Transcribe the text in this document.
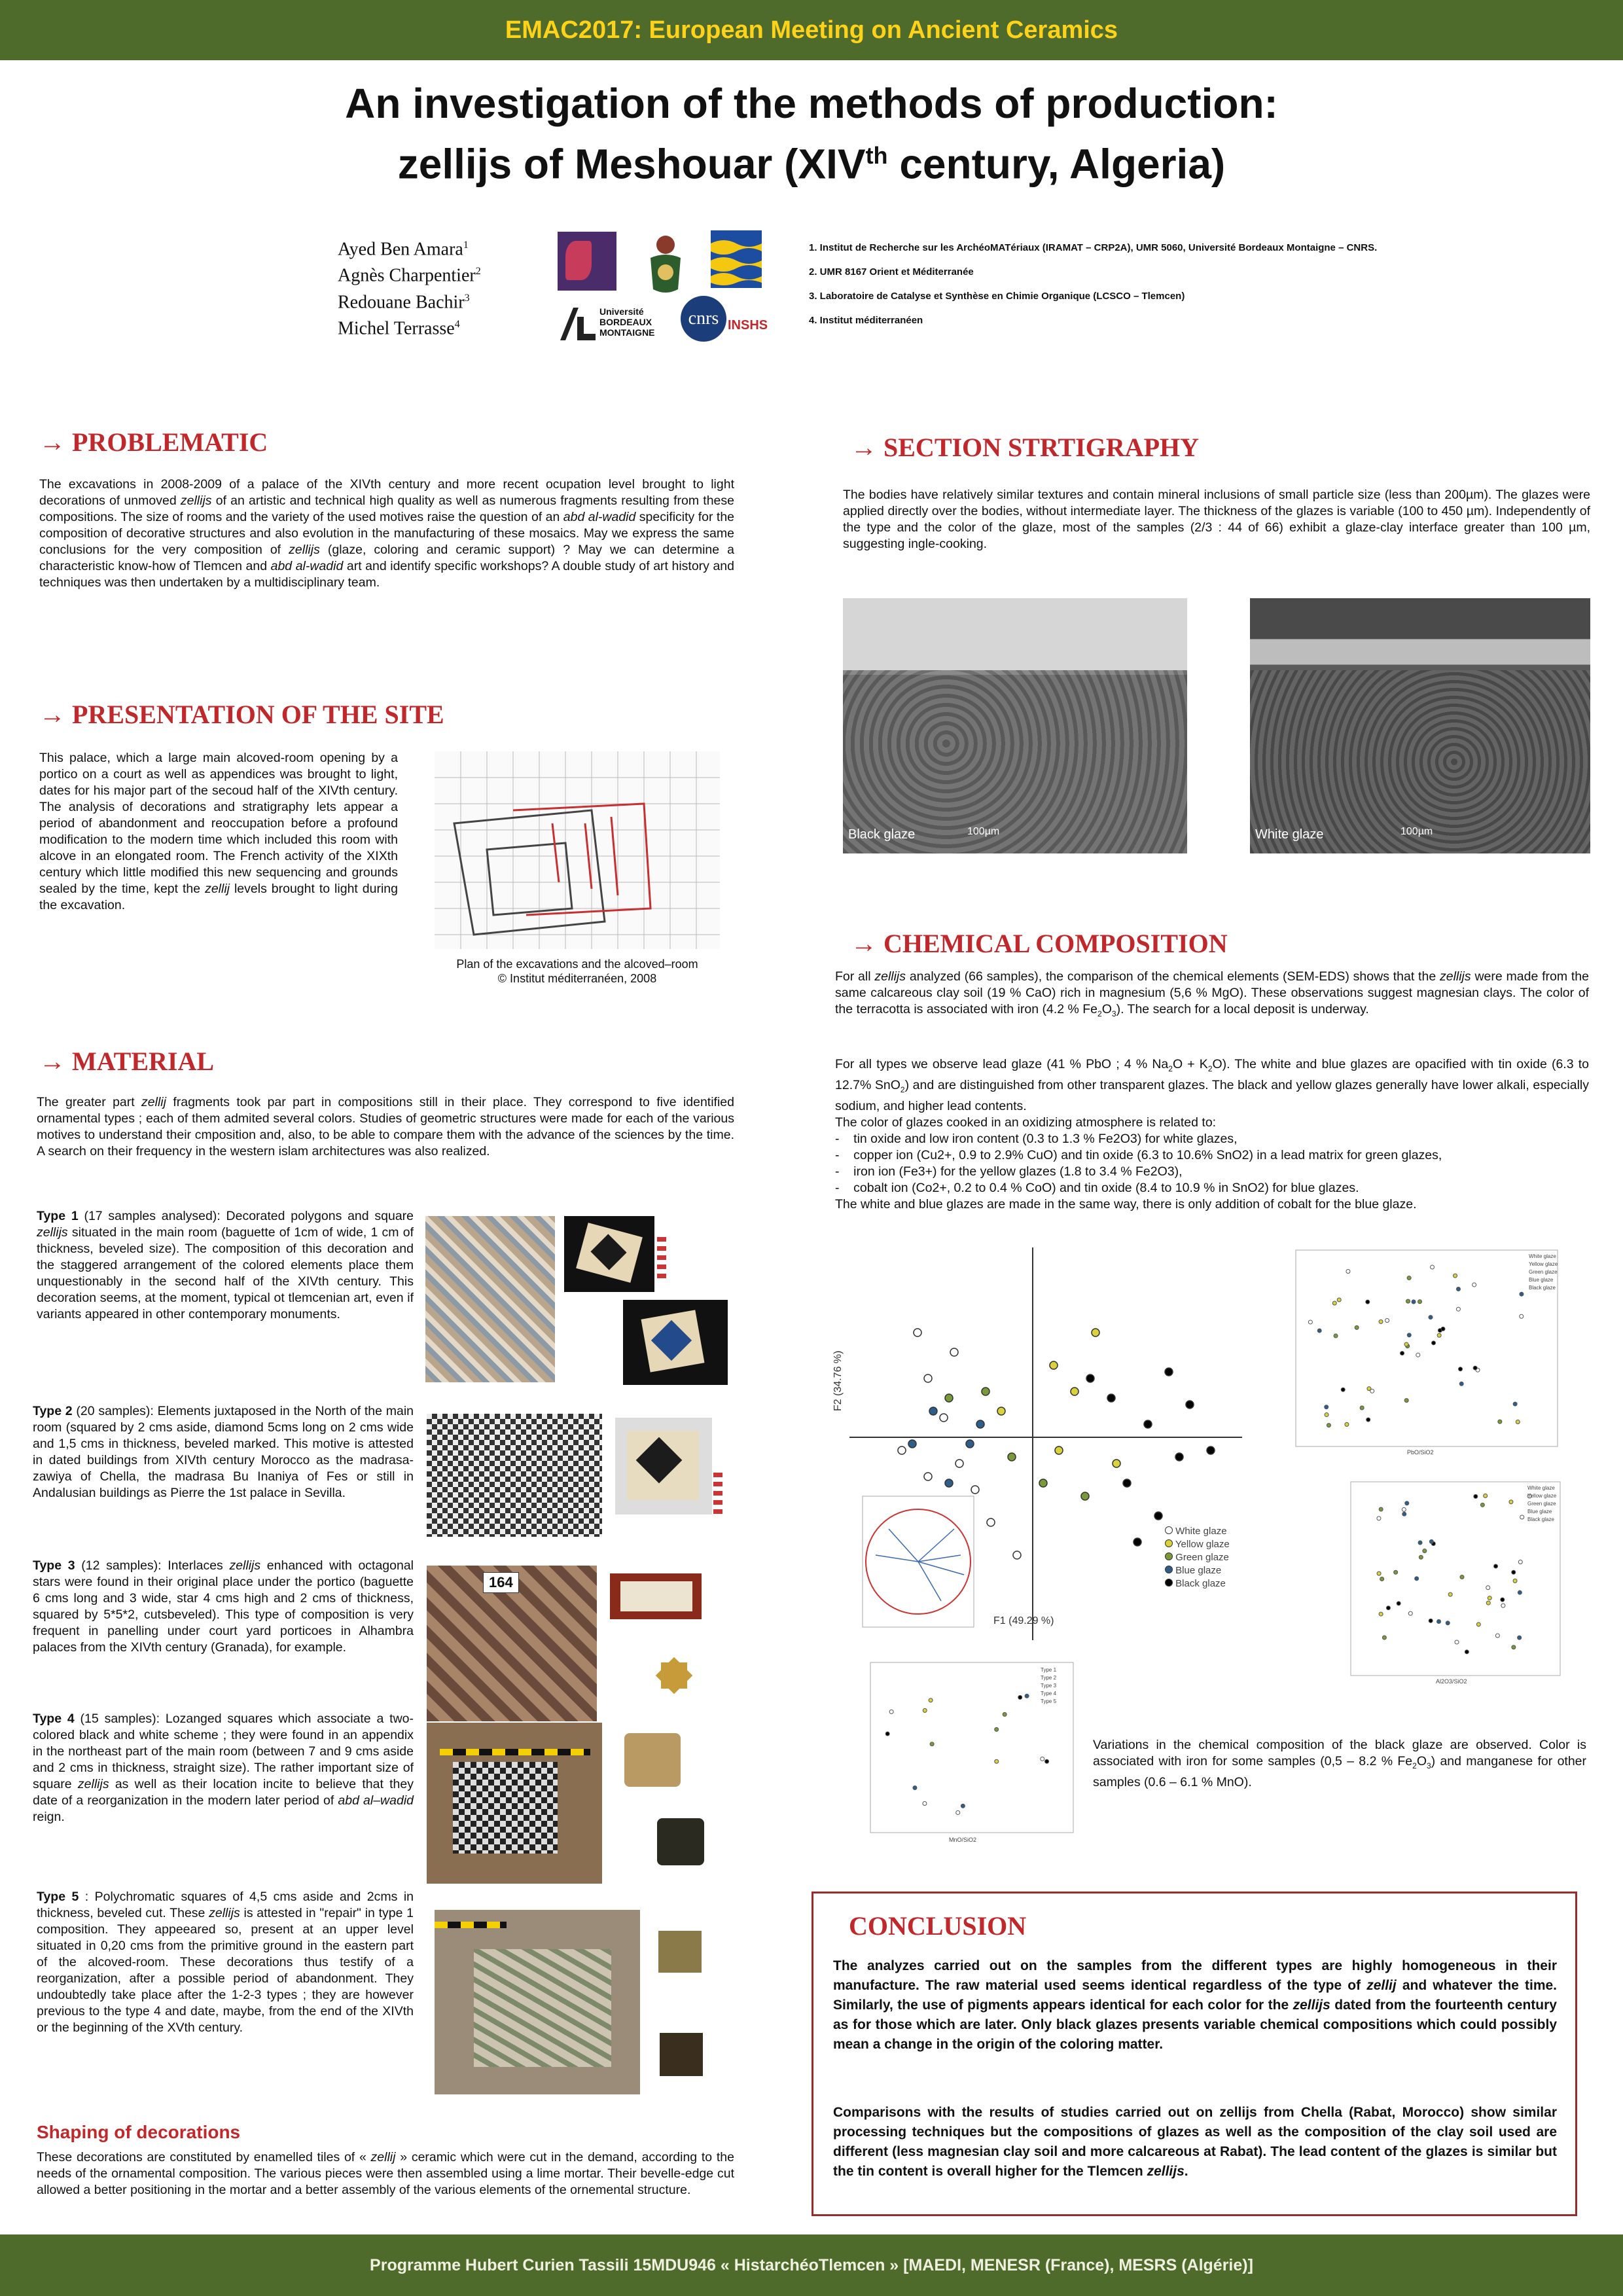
EMAC2017: European Meeting on Ancient Ceramics
An investigation of the methods of production:
zellijs of Meshouar (XIVth century, Algeria)
Ayed Ben Amara$^1$
Agnès Charpentier$^2$
Redouane Bachir$^3$
Michel Terrasse$^4$
Université BORDEAUX MONTAIGNE
cnrs INSHS
1. Institut de Recherche sur les ArchéoMATériaux (IRAMAT – CRP2A), UMR 5060, Université Bordeaux Montaigne – CNRS.
2. UMR 8167 Orient et Méditerranée
3. Laboratoire de Catalyse et Synthèse en Chimie Organique (LCSCO – Tlemcen)
4. Institut méditerranéen
→ PROBLEMATIC
The excavations in 2008-2009 of a palace of the XIVth century and more recent ocupation level brought to light decorations of unmoved zellijs of an artistic and technical high quality as well as numerous fragments resulting from these compositions. The size of rooms and the variety of the used motives raise the question of an abd al-wadid specificity for the composition of decorative structures and also evolution in the manufacturing of these mosaics. May we express the same conclusions for the very composition of zellijs (glaze, coloring and ceramic support) ? May we can determine a characteristic know-how of Tlemcen and abd al-wadid art and identify specific workshops? A double study of art history and techniques was then undertaken by a multidisciplinary team.
→ PRESENTATION OF THE SITE
This palace, which a large main alcoved-room opening by a portico on a court as well as appendices was brought to light, dates for his major part of the secoud half of the XIVth century. The analysis of decorations and stratigraphy lets appear a period of abandonment and reoccupation before a profound modification to the modern time which included this room with alcove in an elongated room. The French activity of the XIXth century which little modified this new sequencing and grounds sealed by the time, kept the zellij levels brought to light during the excavation.
Plan of the excavations and the alcoved–room
© Institut méditerranéen, 2008
→ MATERIAL
The greater part zellij fragments took par part in compositions still in their place. They correspond to five identified ornamental types ; each of them admited several colors. Studies of geometric structures were made for each of the various motives to understand their cmposition and, also, to be able to compare them with the advance of the sciences by the time. A search on their frequency in the western islam architectures was also realized.
Type 1 (17 samples analysed): Decorated polygons and square zellijs situated in the main room (baguette of 1cm of wide, 1 cm of thickness, beveled size). The composition of this decoration and the staggered arrangement of the colored elements place them unquestionably in the second half of the XIVth century. This decoration seems, at the moment, typical ot tlemcenian art, even if variants appeared in other contemporary monuments.
Type 2 (20 samples): Elements juxtaposed in the North of the main room (squared by 2 cms aside, diamond 5cms long on 2 cms wide and 1,5 cms in thickness, beveled marked. This motive is attested in dated buildings from XIVth century Morocco as the madrasa-zawiya of Chella, the madrasa Bu Inaniya of Fes or still in Andalusian buildings as Pierre the 1st palace in Sevilla.
Type 3 (12 samples): Interlaces zellijs enhanced with octagonal stars were found in their original place under the portico (baguette 6 cms long and 3 wide, star 4 cms high and 2 cms of thickness, squared by 5*5*2, cutsbeveled). This type of composition is very frequent in panelling under court yard porticoes in Alhambra palaces from the XIVth century (Granada), for example.
164
Type 4 (15 samples): Lozanged squares which associate a two-colored black and white scheme ; they were found in an appendix in the northeast part of the main room (between 7 and 9 cms aside and 2 cms in thickness, straight size). The rather important size of square zellijs as well as their location incite to believe that they date of a reorganization in the modern later period of abd al–wadid reign.
Type 5 : Polychromatic squares of 4,5 cms aside and 2cms in thickness, beveled cut. These zellijs is attested in "repair" in type 1 composition. They appeeared so, present at an upper level situated in 0,20 cms from the primitive ground in the eastern part of the alcoved-room. These decorations thus testify of a reorganization, after a possible period of abandonment. They undoubtedly take place after the 1-2-3 types ; they are however previous to the type 4 and date, maybe, from the end of the XIVth or the beginning of the XVth century.
Shaping of decorations
These decorations are constituted by enamelled tiles of « zellij » ceramic which were cut in the demand, according to the needs of the ornamental composition. The various pieces were then assembled using a lime mortar. Their bevelle-edge cut allowed a better positioning in the mortar and a better assembly of the various elements of the ornemental structure.
→ SECTION STRTIGRAPHY
The bodies have relatively similar textures and contain mineral inclusions of small particle size (less than 200µm). The glazes were applied directly over the bodies, without intermediate layer. The thickness of the glazes is variable (100 to 450 µm). Independently of the type and the color of the glaze, most of the samples (2/3 : 44 of 66) exhibit a glaze-clay interface greater than 100 µm, suggesting ingle-cooking.
Black glaze	100µm	White glaze	100µm
→ CHEMICAL COMPOSITION
For all zellijs analyzed (66 samples), the comparison of the chemical elements (SEM-EDS) shows that the zellijs were made from the same calcareous clay soil (19 % CaO) rich in magnesium (5,6 % MgO). These observations suggest magnesian clays. The color of the terracotta is associated with iron (4.2 % $Fe_2O_3$). The search for a local deposit is underway.
For all types we observe lead glaze (41 % PbO ; 4 % $Na_2O + K_2O$). The white and blue glazes are opacified with tin oxide (6.3 to 12.7% SnO$_2$) and are distinguished from other transparent glazes. The black and yellow glazes generally have lower alkali, especially sodium, and higher lead contents.
The color of glazes cooked in an oxidizing atmosphere is related to:
-    tin oxide and low iron content (0.3 to 1.3 % Fe2O3) for white glazes,
-    copper ion (Cu2+, 0.9 to 2.9% CuO) and tin oxide (6.3 to 10.6% SnO2) in a lead matrix for green glazes,
-    iron ion (Fe3+) for the yellow glazes (1.8 to 3.4 % Fe2O3),
-    cobalt ion (Co2+, 0.2 to 0.4 % CoO) and tin oxide (8.4 to 10.9 % in SnO2) for blue glazes.
The white and blue glazes are made in the same way, there is only addition of cobalt for the blue glaze.
F2 (34.76 %)
F1 (49.29 %)
White glaze
Yellow glaze
Green glaze
Blue glaze
Black glaze
PbO/SiO2
White glaze
Yellow glaze
Green glaze
Blue glaze
Black glaze
Al2O3/SiO2
White glaze
Yellow glaze
Green glaze
Blue glaze
Black glaze
MnO/SiO2
Type 1
Type 2
Type 3
Type 4
Type 5
Variations in the chemical composition of the black glaze are observed. Color is associated with iron for some samples (0,5 – 8.2 % $Fe_2O_3$) and manganese for other samples (0.6 – 6.1 % MnO).
CONCLUSION
The analyzes carried out on the samples from the different types are highly homogeneous in their manufacture. The raw material used seems identical regardless of the type of zellij and whatever the time. Similarly, the use of pigments appears identical for each color for the zellijs dated from the fourteenth century as for those which are later. Only black glazes presents variable chemical compositions which could possibly mean a change in the origin of the coloring matter.
Comparisons with the results of studies carried out on zellijs from Chella (Rabat, Morocco) show similar processing techniques but the compositions of glazes as well as the composition of the clay soil used are different (less magnesian clay soil and more calcareous at Rabat). The lead content of the glazes is similar but the tin content is overall higher for the Tlemcen zellijs.
Programme Hubert Curien Tassili 15MDU946 « HistarchéoTlemcen » [MAEDI, MENESR (France), MESRS (Algérie)]
